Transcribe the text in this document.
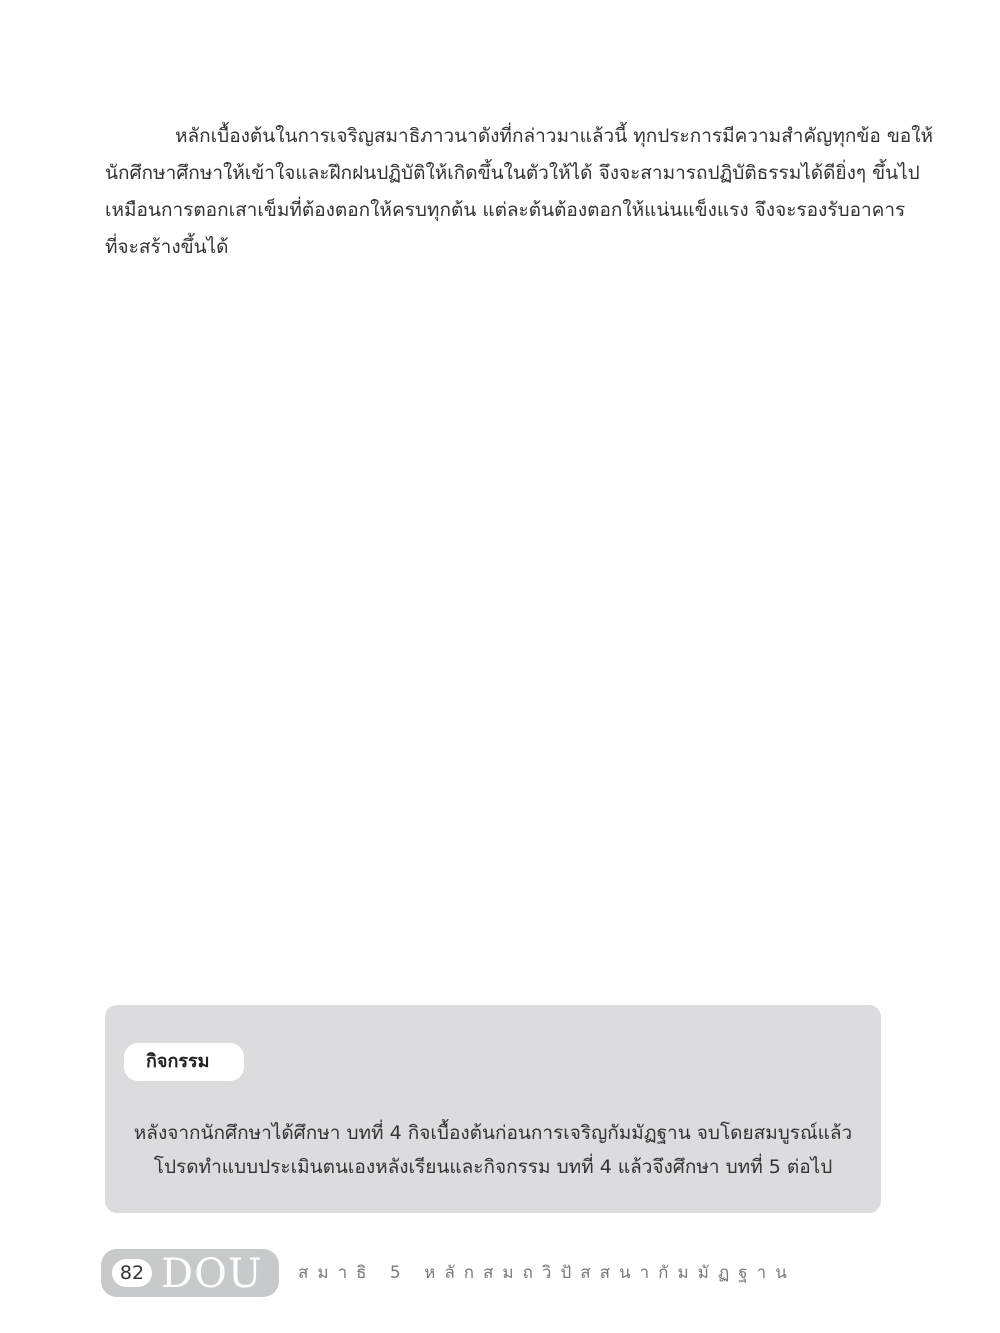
หลักเบื้องต้นในการเจริญสมาธิภาวนาดังที่กล่าวมาแล้วนี้ ทุกประการมีความสำคัญทุกข้อ ขอให้
นักศึกษาศึกษาให้เข้าใจและฝึกฝนปฏิบัติให้เกิดขึ้นในตัวให้ได้ จึงจะสามารถปฏิบัติธรรมได้ดียิ่งๆ ขึ้นไป
เหมือนการตอกเสาเข็มที่ต้องตอกให้ครบทุกต้น แต่ละต้นต้องตอกให้แน่นแข็งแรง จึงจะรองรับอาคาร
ที่จะสร้างขึ้นได้
กิจกรรม
หลังจากนักศึกษาได้ศึกษา บทที่ 4 กิจเบื้องต้นก่อนการเจริญกัมมัฏฐาน จบโดยสมบูรณ์แล้ว
โปรดทำแบบประเมินตนเองหลังเรียนและกิจกรรม บทที่ 4 แล้วจึงศึกษา บทที่ 5 ต่อไป
82 DOU สมาธิ 5 หลักสมถวิปัสสนากัมมัฏฐาน
